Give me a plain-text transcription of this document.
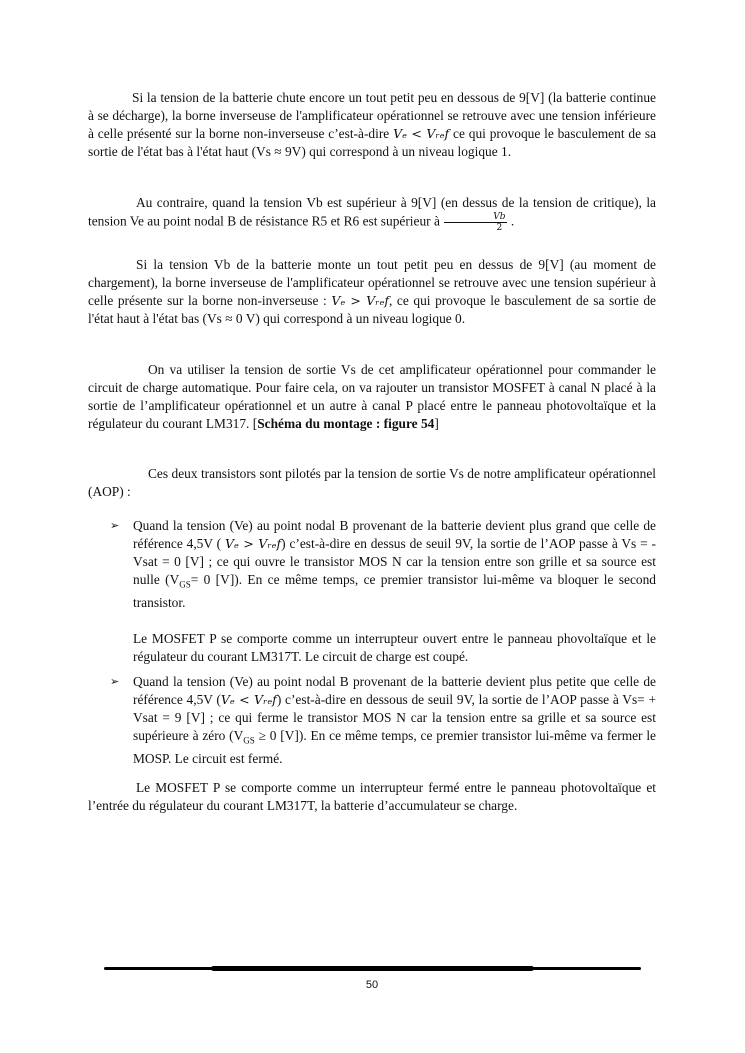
Si la tension de la batterie chute encore un tout petit peu en dessous de 9[V] (la batterie continue à se décharge), la borne inverseuse de l'amplificateur opérationnel se retrouve avec une tension inférieure à celle présenté sur la borne non-inverseuse c’est-à-dire Vₑ < Vᵣₑf ce qui provoque le basculement de sa sortie de l'état bas à l'état haut (Vs ≈ 9V) qui correspond à un niveau logique 1.

Au contraire, quand la tension Vb est supérieur à 9[V] (en dessus de la tension de critique), la tension Ve au point nodal B de résistance R5 et R6 est supérieur à $\frac{Vb}{2}$ .

Si la tension Vb de la batterie monte un tout petit peu en dessus de 9[V] (au moment de chargement), la borne inverseuse de l'amplificateur opérationnel se retrouve avec une tension supérieur à celle présente sur la borne non-inverseuse : Vₑ > Vᵣₑf, ce qui provoque le basculement de sa sortie de l'état haut à l'état bas (Vs ≈ 0 V) qui correspond à un niveau logique 0.

On va utiliser la tension de sortie Vs de cet amplificateur opérationnel pour commander le circuit de charge automatique. Pour faire cela, on va rajouter un transistor MOSFET à canal N placé à la sortie de l’amplificateur opérationnel et un autre à canal P placé entre le panneau photovoltaïque et la régulateur du courant LM317. [Schéma du montage : figure 54]

Ces deux transistors sont pilotés par la tension de sortie Vs de notre amplificateur opérationnel (AOP) :

➢ Quand la tension (Ve) au point nodal B provenant de la batterie devient plus grand que celle de référence 4,5V ( Vₑ > Vᵣₑf) c’est-à-dire en dessus de seuil 9V, la sortie de l’AOP passe à Vs = - Vsat = 0 [V] ; ce qui ouvre le transistor MOS N car la tension entre son grille et sa source est nulle ($V_{GS}= 0$ [V]). En ce même temps, ce premier transistor lui-même va bloquer le second transistor.

Le MOSFET P se comporte comme un interrupteur ouvert entre le panneau phovoltaïque et le régulateur du courant LM317T. Le circuit de charge est coupé.

➢ Quand la tension (Ve) au point nodal B provenant de la batterie devient plus petite que celle de référence 4,5V (Vₑ < Vᵣₑf) c’est-à-dire en dessous de seuil 9V, la sortie de l’AOP passe à Vs= + Vsat = 9 [V] ; ce qui ferme le transistor MOS N car la tension entre sa grille et sa source est supérieure à zéro ($V_{GS} \ge 0$ [V]). En ce même temps, ce premier transistor lui-même va fermer le MOSP. Le circuit est fermé.

Le MOSFET P se comporte comme un interrupteur fermé entre le panneau photovoltaïque et l’entrée du régulateur du courant LM317T, la batterie d’accumulateur se charge.

50
